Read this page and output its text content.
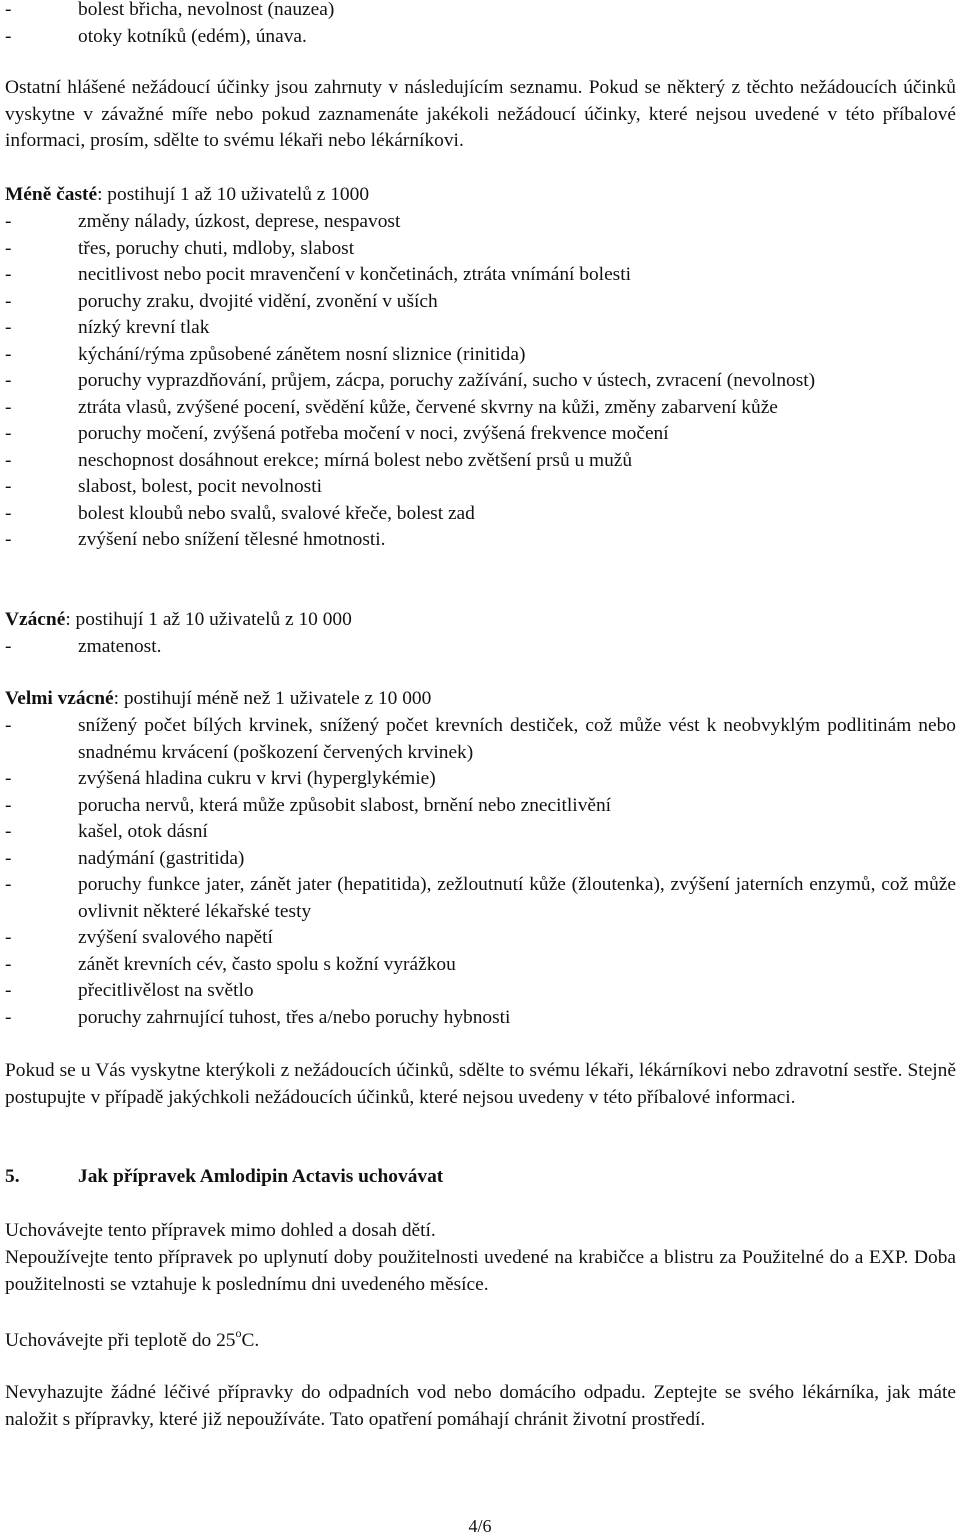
-	bolest břicha, nevolnost (nauzea)
-	otoky kotníků (edém), únava.
Ostatní hlášené nežádoucí účinky jsou zahrnuty v následujícím seznamu. Pokud se některý z těchto nežádoucích účinků vyskytne v závažné míře nebo pokud zaznamenáte jakékoli nežádoucí účinky, které nejsou uvedené v této příbalové informaci, prosím, sdělte to svému lékaři nebo lékárníkovi.
Méně časté: postihují 1 až 10 uživatelů z 1000
-	změny nálady, úzkost, deprese, nespavost
-	třes, poruchy chuti, mdloby, slabost
-	necitlivost nebo pocit mravenčení v končetinách, ztráta vnímání bolesti
-	poruchy zraku, dvojité vidění, zvonění v uších
-	nízký krevní tlak
-	kýchání/rýma způsobené zánětem nosní sliznice (rinitida)
-	poruchy vyprazdňování, průjem, zácpa, poruchy zažívání, sucho v ústech, zvracení (nevolnost)
-	ztráta vlasů, zvýšené pocení, svědění kůže, červené skvrny na kůži, změny zabarvení kůže
-	poruchy močení, zvýšená potřeba močení v noci, zvýšená frekvence močení
-	neschopnost dosáhnout erekce; mírná bolest nebo zvětšení prsů u mužů
-	slabost, bolest, pocit nevolnosti
-	bolest kloubů nebo svalů, svalové křeče, bolest zad
-	zvýšení nebo snížení tělesné hmotnosti.
Vzácné: postihují 1 až 10 uživatelů z 10 000
-	zmatenost.
Velmi vzácné: postihují méně než 1 uživatele z 10 000
-	snížený počet bílých krvinek, snížený počet krevních destiček, což může vést k neobvyklým podlitinám nebo snadnému krvácení (poškození červených krvinek)
-	zvýšená hladina cukru v krvi (hyperglykémie)
-	porucha nervů, která může způsobit slabost, brnění nebo znecitlivění
-	kašel, otok dásní
-	nadýmání (gastritida)
-	poruchy funkce jater, zánět jater (hepatitida), zežloutnutí kůže (žloutenka), zvýšení jaterních enzymů, což může ovlivnit některé lékařské testy
-	zvýšení svalového napětí
-	zánět krevních cév, často spolu s kožní vyrážkou
-	přecitlivělost na světlo
-	poruchy zahrnující tuhost, třes a/nebo poruchy hybnosti
Pokud se u Vás vyskytne kterýkoli z nežádoucích účinků, sdělte to svému lékaři, lékárníkovi nebo zdravotní sestře. Stejně postupujte v případě jakýchkoli nežádoucích účinků, které nejsou uvedeny v této příbalové informaci.
5.	Jak přípravek Amlodipin Actavis uchovávat
Uchovávejte tento přípravek mimo dohled a dosah dětí.
Nepoužívejte tento přípravek po uplynutí doby použitelnosti uvedené na krabičce a blistru za Použitelné do a EXP. Doba použitelnosti se vztahuje k poslednímu dni uvedeného měsíce.
Uchovávejte při teplotě do 25$^o$C.
Nevyhazujte žádné léčivé přípravky do odpadních vod nebo domácího odpadu. Zeptejte se svého lékárníka, jak máte naložit s přípravky, které již nepoužíváte. Tato opatření pomáhají chránit životní prostředí.
4/6
